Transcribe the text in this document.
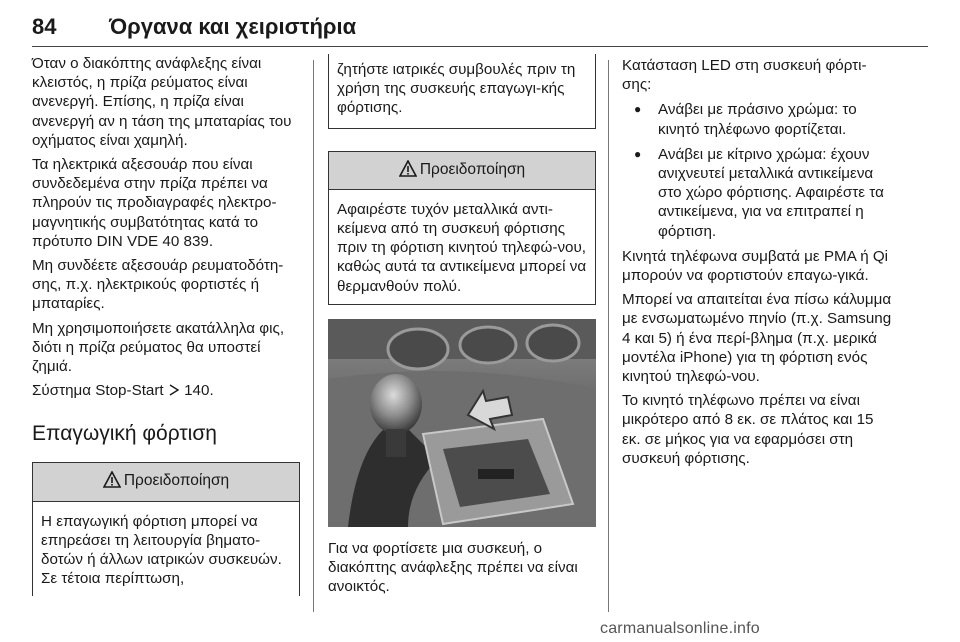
84 Όργανα και χειριστήρια

Όταν ο διακόπτης ανάφλεξης είναι κλειστός, η πρίζα ρεύματος είναι ανενεργή. Επίσης, η πρίζα είναι ανενεργή αν η τάση της μπαταρίας του οχήματος είναι χαμηλή.

Τα ηλεκτρικά αξεσουάρ που είναι συνδεδεμένα στην πρίζα πρέπει να πληρούν τις προδιαγραφές ηλεκτρο-μαγνητικής συμβατότητας κατά το πρότυπο DIN VDE 40 839.

Μη συνδέετε αξεσουάρ ρευματοδότη-σης, π.χ. ηλεκτρικούς φορτιστές ή μπαταρίες.

Μη χρησιμοποιήσετε ακατάλληλα φις, διότι η πρίζα ρεύματος θα υποστεί ζημιά.

Σύστημα Stop-Start 140.

Επαγωγική φόρτιση
Προειδοποίηση
Η επαγωγική φόρτιση μπορεί να επηρεάσει τη λειτουργία βηματο-δοτών ή άλλων ιατρικών συσκευών. Σε τέτοια περίπτωση,
ζητήστε ιατρικές συμβουλές πριν τη χρήση της συσκευής επαγωγι-κής φόρτισης.
Προειδοποίηση
Αφαιρέστε τυχόν μεταλλικά αντι-κείμενα από τη συσκευή φόρτισης πριν τη φόρτιση κινητού τηλεφώ-νου, καθώς αυτά τα αντικείμενα μπορεί να θερμανθούν πολύ.

Για να φορτίσετε μια συσκευή, ο διακόπτης ανάφλεξης πρέπει να είναι ανοικτός.

Κατάσταση LED στη συσκευή φόρτι-σης:

● Ανάβει με πράσινο χρώμα: το κινητό τηλέφωνο φορτίζεται.
● Ανάβει με κίτρινο χρώμα: έχουν ανιχνευτεί μεταλλικά αντικείμενα στο χώρο φόρτισης. Αφαιρέστε τα αντικείμενα, για να επιτραπεί η φόρτιση.

Κινητά τηλέφωνα συμβατά με PMA ή Qi μπορούν να φορτιστούν επαγω-γικά.

Μπορεί να απαιτείται ένα πίσω κάλυμμα με ενσωματωμένο πηνίο (π.χ. Samsung 4 και 5) ή ένα περί-βλημα (π.χ. μερικά μοντέλα iPhone) για τη φόρτιση ενός κινητού τηλεφώ-νου.

Το κινητό τηλέφωνο πρέπει να είναι μικρότερο από 8 εκ. σε πλάτος και 15 εκ. σε μήκος για να εφαρμόσει στη συσκευή φόρτισης.

carmanualsonline.info
